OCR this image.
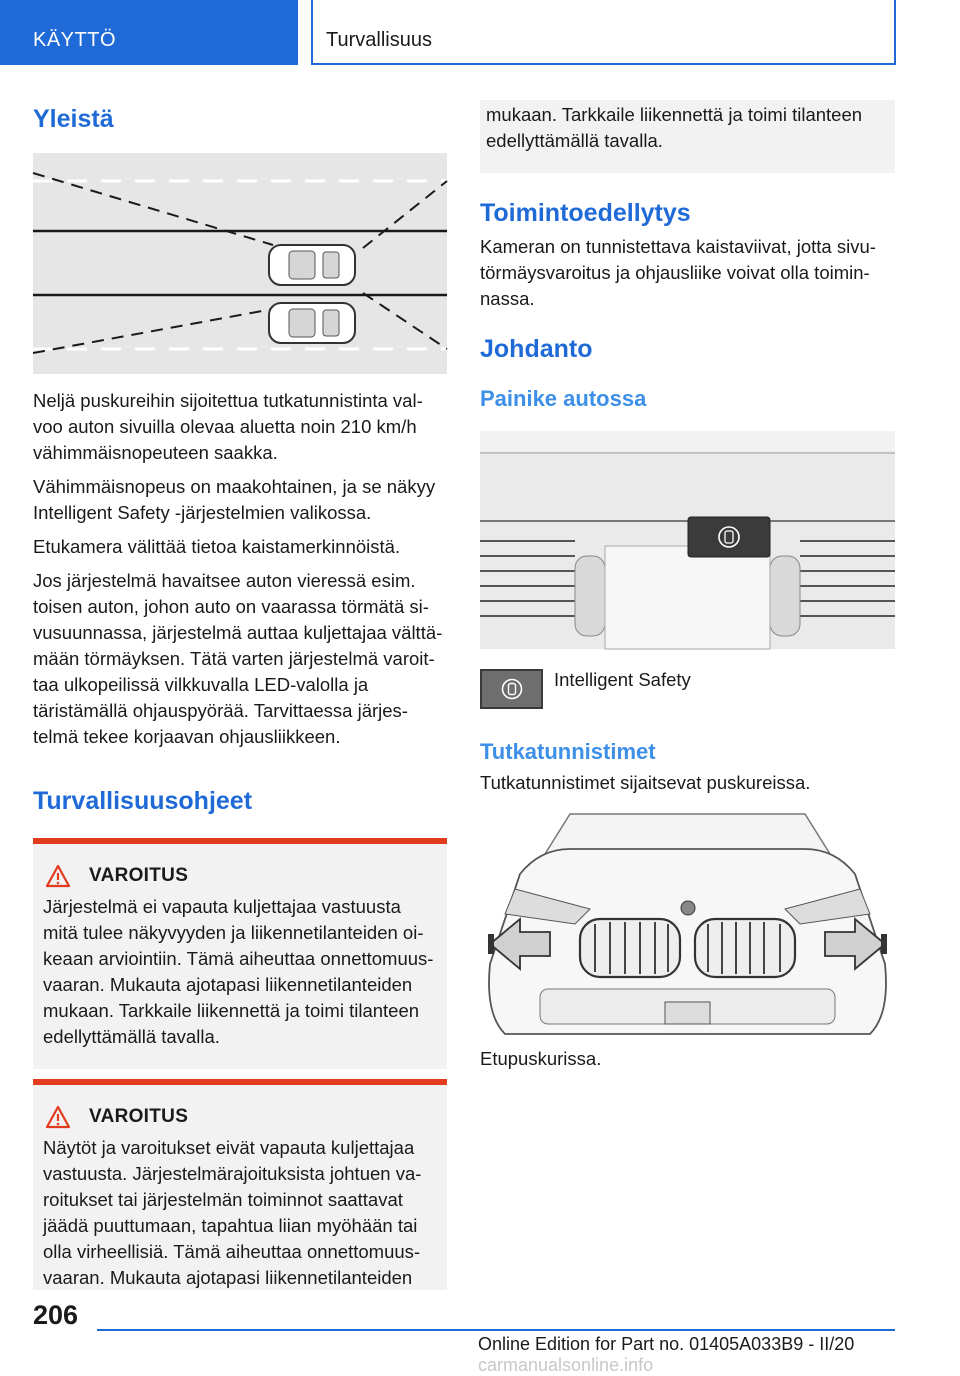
KÄYTTÖ	Turvallisuus
Yleistä

Neljä puskureihin sijoitettua tutkatunnistinta val-
voo auton sivuilla olevaa aluetta noin 210 km/h
vähimmäisnopeuteen saakka.

Vähimmäisnopeus on maakohtainen, ja se näkyy
Intelligent Safety -järjestelmien valikossa.

Etukamera välittää tietoa kaistamerkinnöistä.

Jos järjestelmä havaitsee auton vieressä esim.
toisen auton, johon auto on vaarassa törmätä si-
vusuunnassa, järjestelmä auttaa kuljettajaa välttä-
mään törmäyksen. Tätä varten järjestelmä varoit-
taa ulkopeilissä vilkkuvalla LED-valolla ja
täristämällä ohjauspyörää. Tarvittaessa järjes-
telmä tekee korjaavan ohjausliikkeen.

Turvallisuusohjeet
VAROITUS

Järjestelmä ei vapauta kuljettajaa vastuusta
mitä tulee näkyvyyden ja liikennetilanteiden oi-
keaan arviointiin. Tämä aiheuttaa onnettomuus-
vaaran. Mukauta ajotapasi liikennetilanteiden
mukaan. Tarkkaile liikennettä ja toimi tilanteen
edellyttämällä tavalla.

VAROITUS

Näytöt ja varoitukset eivät vapauta kuljettajaa
vastuusta. Järjestelmärajoituksista johtuen va-
roitukset tai järjestelmän toiminnot saattavat
jäädä puuttumaan, tapahtua liian myöhään tai
olla virheellisiä. Tämä aiheuttaa onnettomuus-
vaaran. Mukauta ajotapasi liikennetilanteiden

mukaan. Tarkkaile liikennettä ja toimi tilanteen
edellyttämällä tavalla.

Toimintoedellytys

Kameran on tunnistettava kaistaviivat, jotta sivu-
törmäysvaroitus ja ohjausliike voivat olla toimin-
nassa.

Johdanto
Painike autossa

Intelligent Safety

Tutkatunnistimet

Tutkatunnistimet sijaitsevat puskureissa.

Etupuskurissa.

206
Online Edition for Part no. 01405A033B9 - II/20 carmanualsonline.info
